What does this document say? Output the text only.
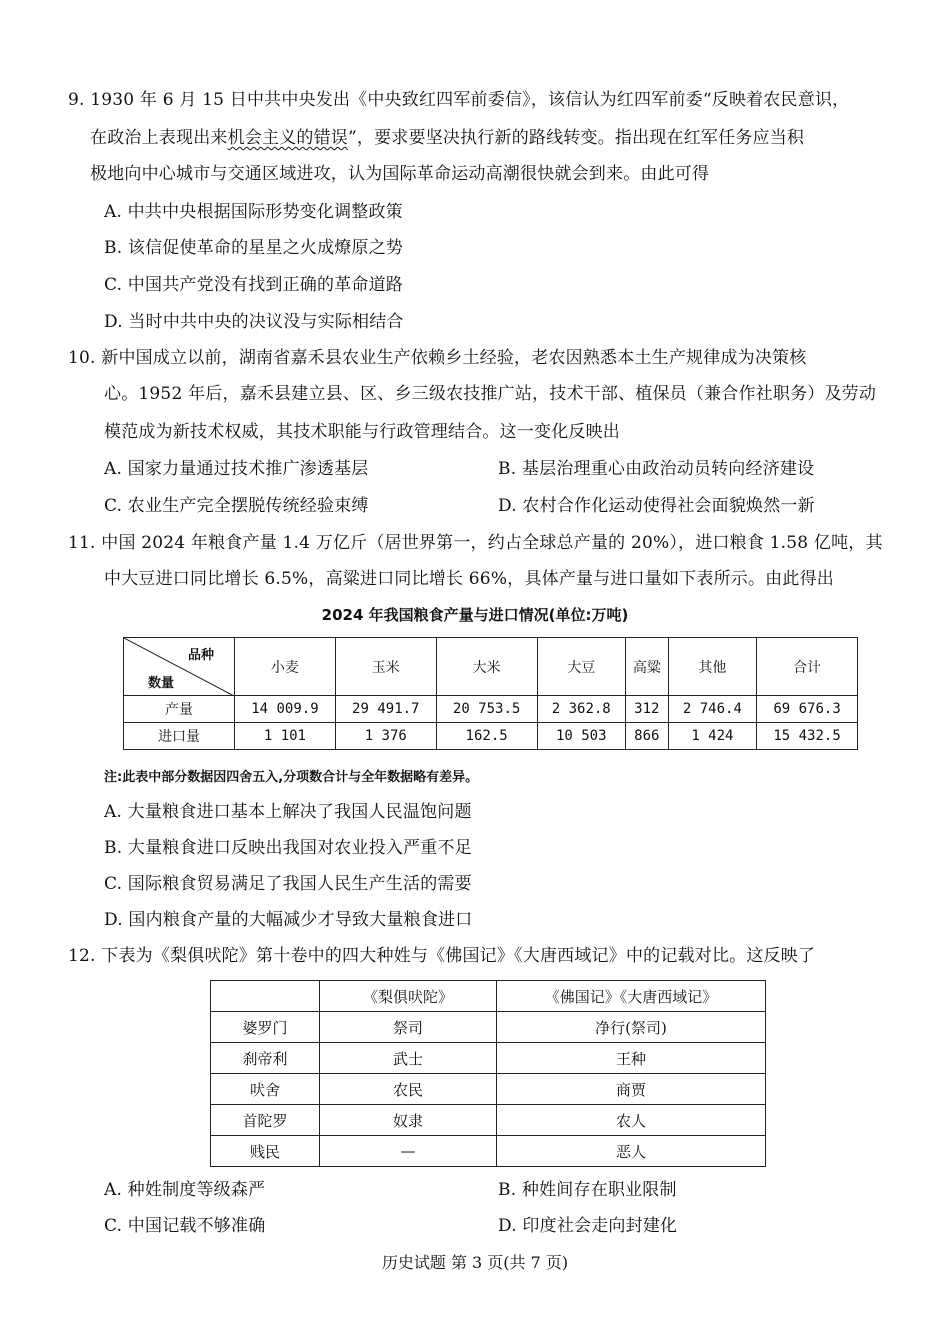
9. 1930 年 6 月 15 日中共中央发出《中央致红四军前委信》，该信认为红四军前委“反映着农民意识，
在政治上表现出来机会主义的错误”，要求要坚决执行新的路线转变。指出现在红军任务应当积
极地向中心城市与交通区域进攻，认为国际革命运动高潮很快就会到来。由此可得
A. 中共中央根据国际形势变化调整政策
B. 该信促使革命的星星之火成燎原之势
C. 中国共产党没有找到正确的革命道路
D. 当时中共中央的决议没与实际相结合
10. 新中国成立以前，湖南省嘉禾县农业生产依赖乡土经验，老农因熟悉本土生产规律成为决策核
心。1952 年后，嘉禾县建立县、区、乡三级农技推广站，技术干部、植保员（兼合作社职务）及劳动
模范成为新技术权威，其技术职能与行政管理结合。这一变化反映出
A. 国家力量通过技术推广渗透基层	B. 基层治理重心由政治动员转向经济建设
C. 农业生产完全摆脱传统经验束缚	D. 农村合作化运动使得社会面貌焕然一新
11. 中国 2024 年粮食产量 1.4 万亿斤（居世界第一，约占全球总产量的 20%），进口粮食 1.58 亿吨，其
中大豆进口同比增长 6.5%，高粱进口同比增长 66%，具体产量与进口量如下表所示。由此得出
2024 年我国粮食产量与进口情况(单位:万吨)
品种
数量	小麦	玉米	大米	大豆	高粱	其他	合计
产量	14 009.9	29 491.7	20 753.5	2 362.8	312	2 746.4	69 676.3
进口量	1 101	1 376	162.5	10 503	866	1 424	15 432.5
注:此表中部分数据因四舍五入,分项数合计与全年数据略有差异。
A. 大量粮食进口基本上解决了我国人民温饱问题
B. 大量粮食进口反映出我国对农业投入严重不足
C. 国际粮食贸易满足了我国人民生产生活的需要
D. 国内粮食产量的大幅减少才导致大量粮食进口
12. 下表为《梨俱吠陀》第十卷中的四大种姓与《佛国记》《大唐西域记》中的记载对比。这反映了
	《梨俱吠陀》	《佛国记》《大唐西域记》
婆罗门	祭司	净行(祭司)
刹帝利	武士	王种
吠舍	农民	商贾
首陀罗	奴隶	农人
贱民	—	恶人
A. 种姓制度等级森严	B. 种姓间存在职业限制
C. 中国记载不够准确	D. 印度社会走向封建化
历史试题 第 3 页(共 7 页)
